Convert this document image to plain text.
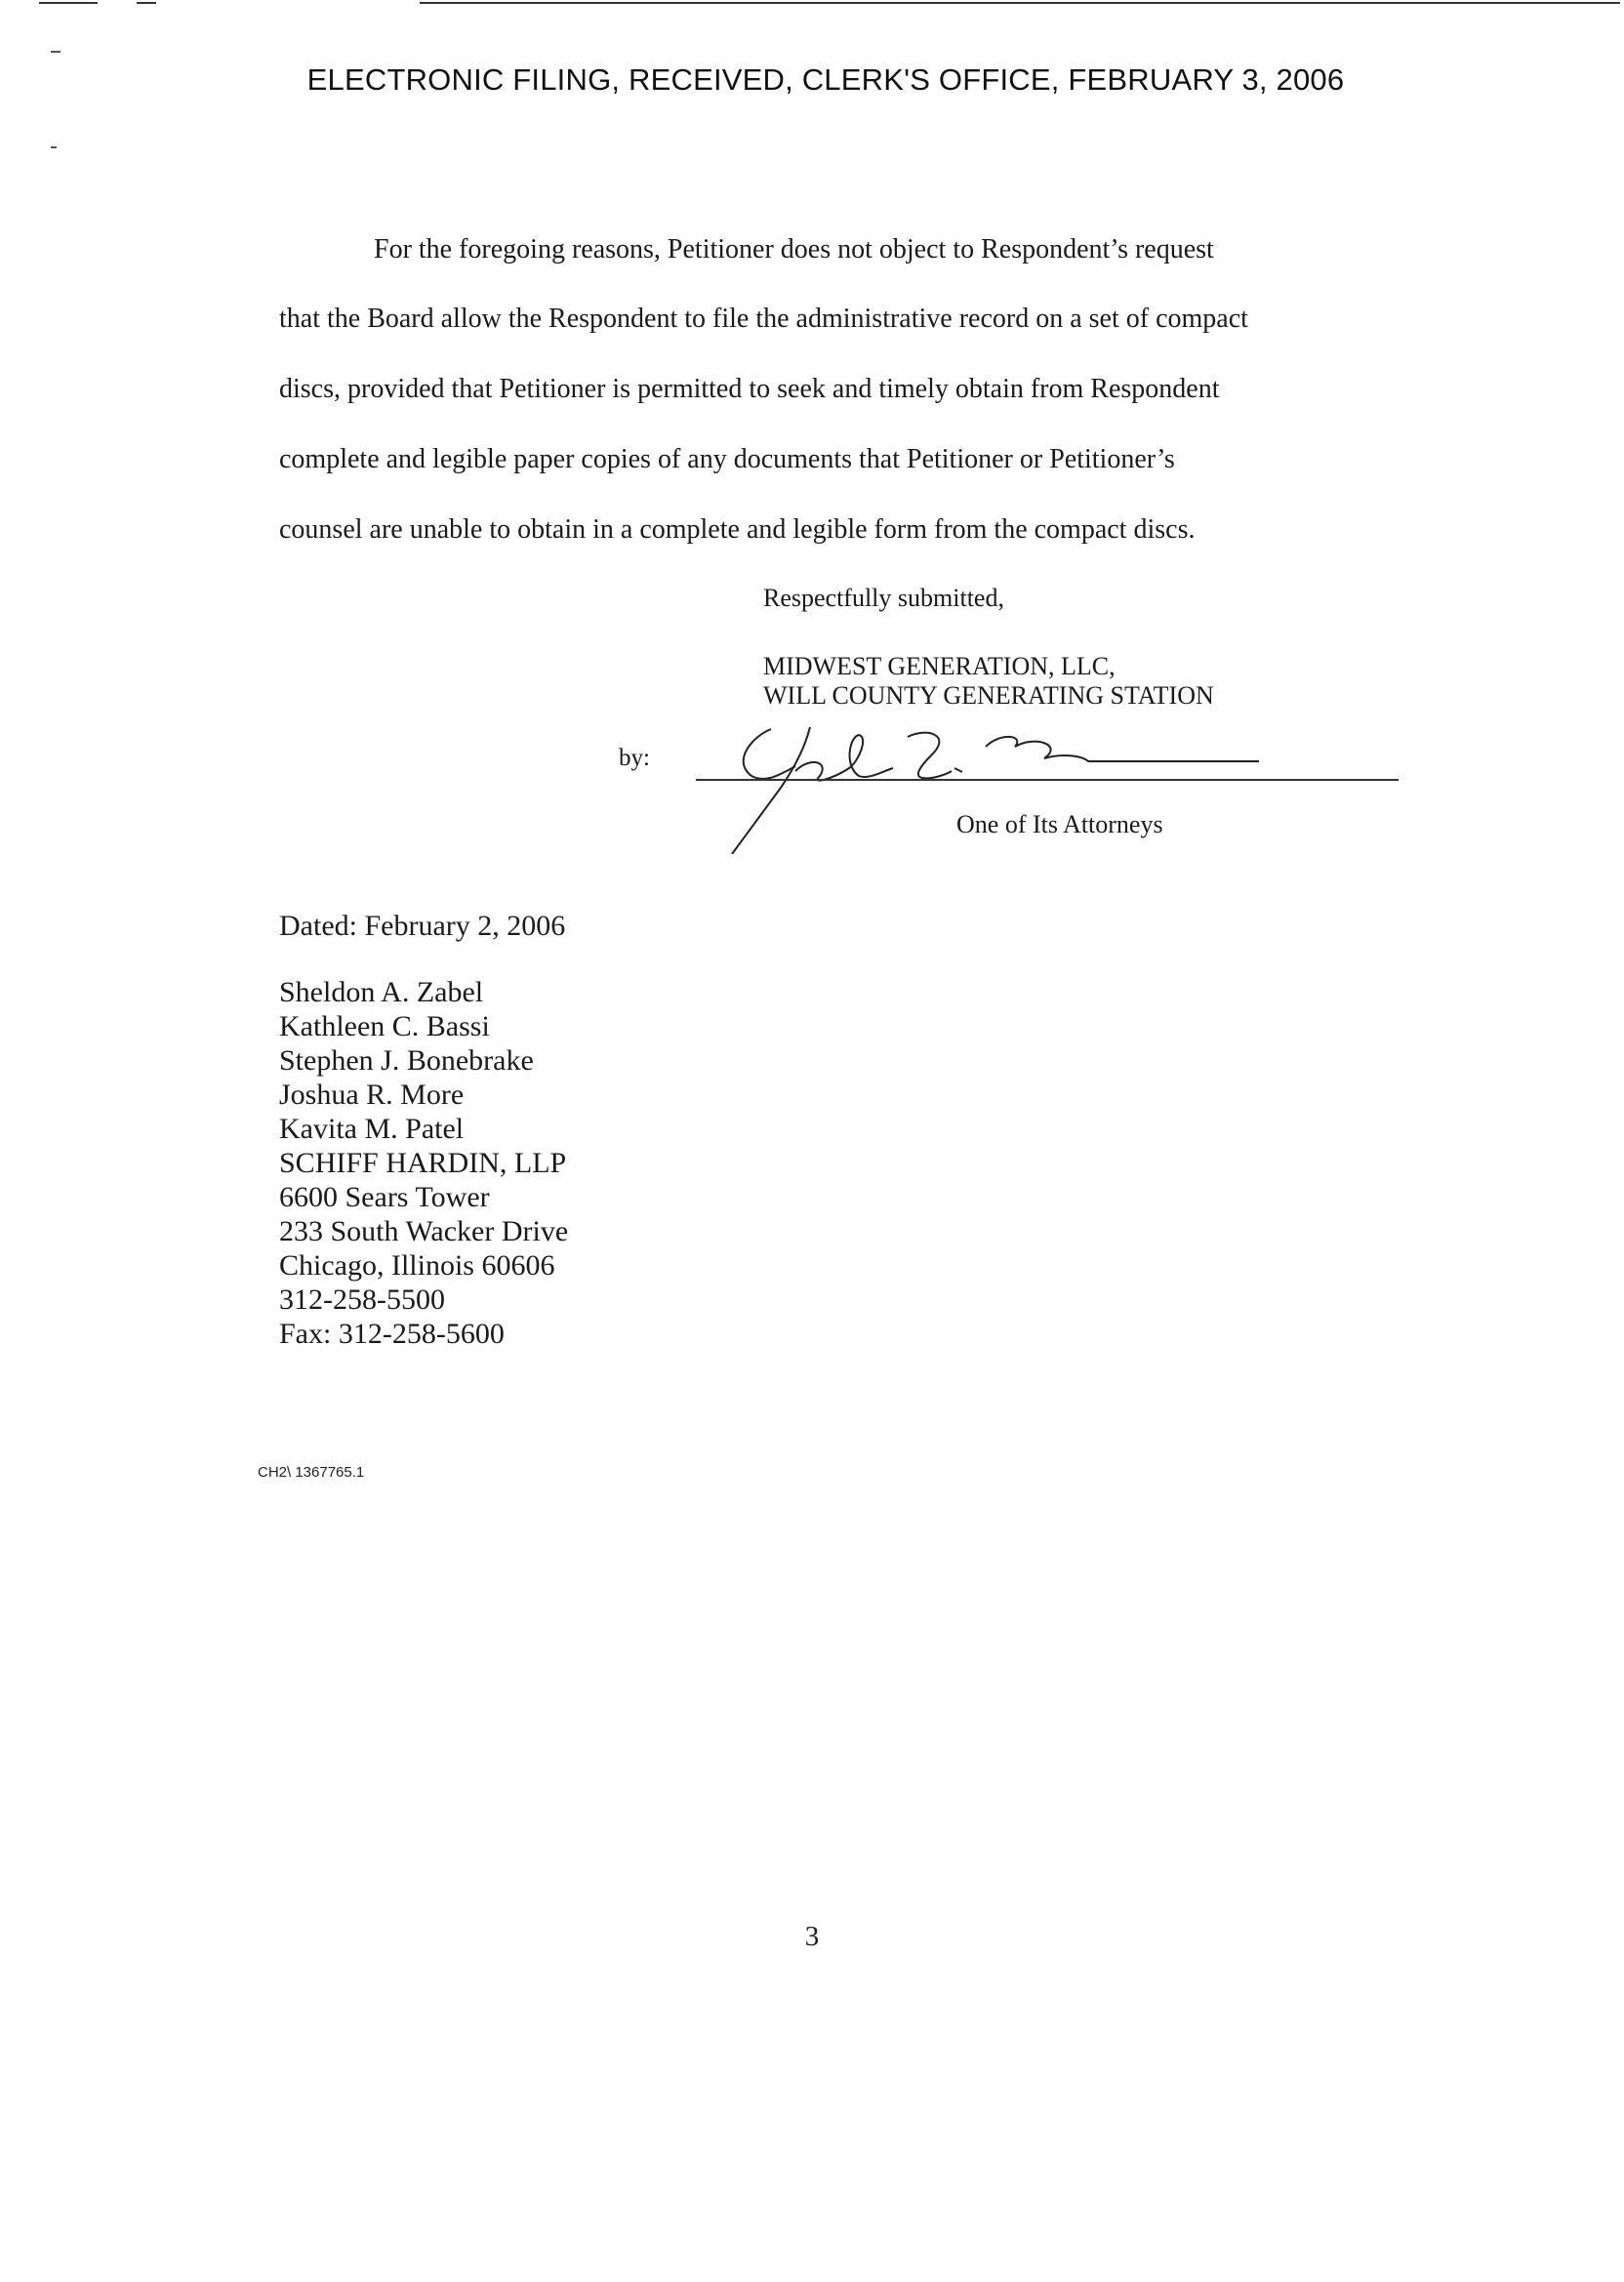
ELECTRONIC FILING, RECEIVED, CLERK'S OFFICE, FEBRUARY 3, 2006
For the foregoing reasons, Petitioner does not object to Respondent’s request
that the Board allow the Respondent to file the administrative record on a set of compact
discs, provided that Petitioner is permitted to seek and timely obtain from Respondent
complete and legible paper copies of any documents that Petitioner or Petitioner’s
counsel are unable to obtain in a complete and legible form from the compact discs.
Respectfully submitted,
MIDWEST GENERATION, LLC,
WILL COUNTY GENERATING STATION
by:
One of Its Attorneys
Dated: February 2, 2006
Sheldon A. Zabel
Kathleen C. Bassi
Stephen J. Bonebrake
Joshua R. More
Kavita M. Patel
SCHIFF HARDIN, LLP
6600 Sears Tower
233 South Wacker Drive
Chicago, Illinois 60606
312-258-5500
Fax: 312-258-5600
CH2\ 1367765.1
3
